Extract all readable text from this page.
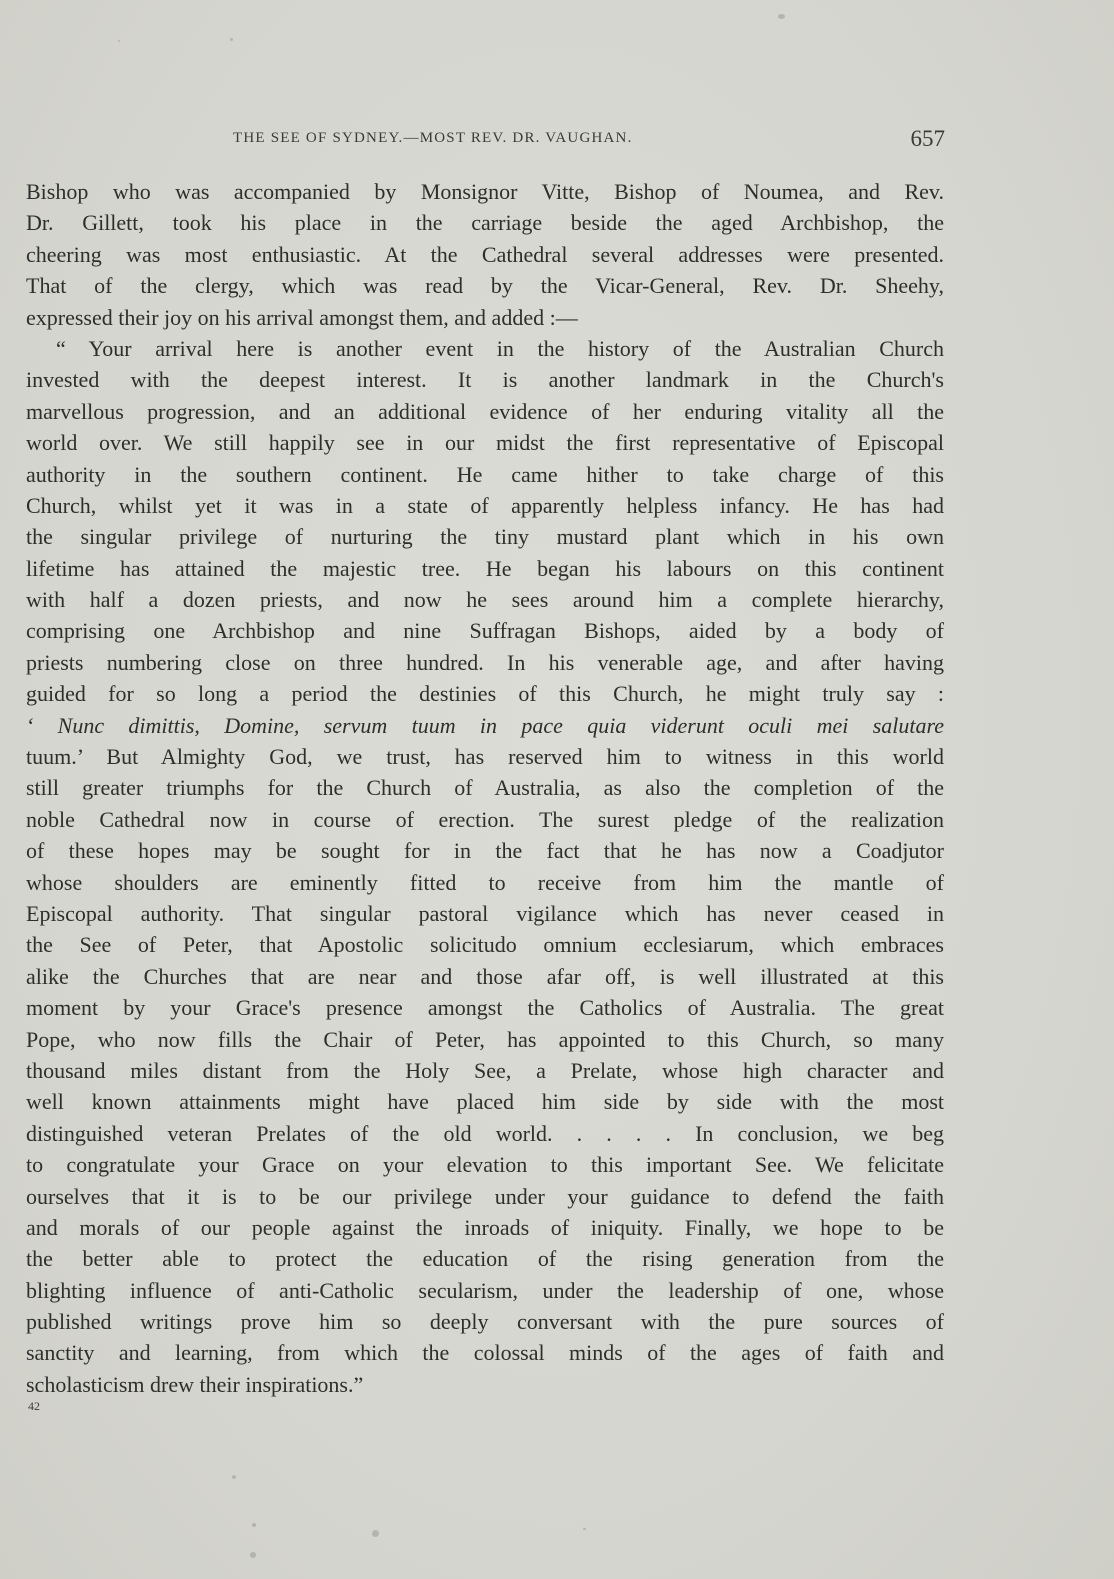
THE SEE OF SYDNEY.—MOST REV. DR. VAUGHAN.	657
Bishop who was accompanied by Monsignor Vitte, Bishop of Noumea, and Rev.
Dr. Gillett, took his place in the carriage beside the aged Archbishop, the
cheering was most enthusiastic. At the Cathedral several addresses were presented.
That of the clergy, which was read by the Vicar-General, Rev. Dr. Sheehy,
expressed their joy on his arrival amongst them, and added :—
“ Your arrival here is another event in the history of the Australian Church
invested with the deepest interest. It is another landmark in the Church's
marvellous progression, and an additional evidence of her enduring vitality all the
world over. We still happily see in our midst the first representative of Episcopal
authority in the southern continent. He came hither to take charge of this
Church, whilst yet it was in a state of apparently helpless infancy. He has had
the singular privilege of nurturing the tiny mustard plant which in his own
lifetime has attained the majestic tree. He began his labours on this continent
with half a dozen priests, and now he sees around him a complete hierarchy,
comprising one Archbishop and nine Suffragan Bishops, aided by a body of
priests numbering close on three hundred. In his venerable age, and after having
guided for so long a period the destinies of this Church, he might truly say :
‘ Nunc dimittis, Domine, servum tuum in pace quia viderunt oculi mei salutare
tuum.’ But Almighty God, we trust, has reserved him to witness in this world
still greater triumphs for the Church of Australia, as also the completion of the
noble Cathedral now in course of erection. The surest pledge of the realization
of these hopes may be sought for in the fact that he has now a Coadjutor
whose shoulders are eminently fitted to receive from him the mantle of
Episcopal authority. That singular pastoral vigilance which has never ceased in
the See of Peter, that Apostolic solicitudo omnium ecclesiarum, which embraces
alike the Churches that are near and those afar off, is well illustrated at this
moment by your Grace's presence amongst the Catholics of Australia. The great
Pope, who now fills the Chair of Peter, has appointed to this Church, so many
thousand miles distant from the Holy See, a Prelate, whose high character and
well known attainments might have placed him side by side with the most
distinguished veteran Prelates of the old world. . . . . In conclusion, we beg
to congratulate your Grace on your elevation to this important See. We felicitate
ourselves that it is to be our privilege under your guidance to defend the faith
and morals of our people against the inroads of iniquity. Finally, we hope to be
the better able to protect the education of the rising generation from the
blighting influence of anti-Catholic secularism, under the leadership of one, whose
published writings prove him so deeply conversant with the pure sources of
sanctity and learning, from which the colossal minds of the ages of faith and
scholasticism drew their inspirations.”
42
